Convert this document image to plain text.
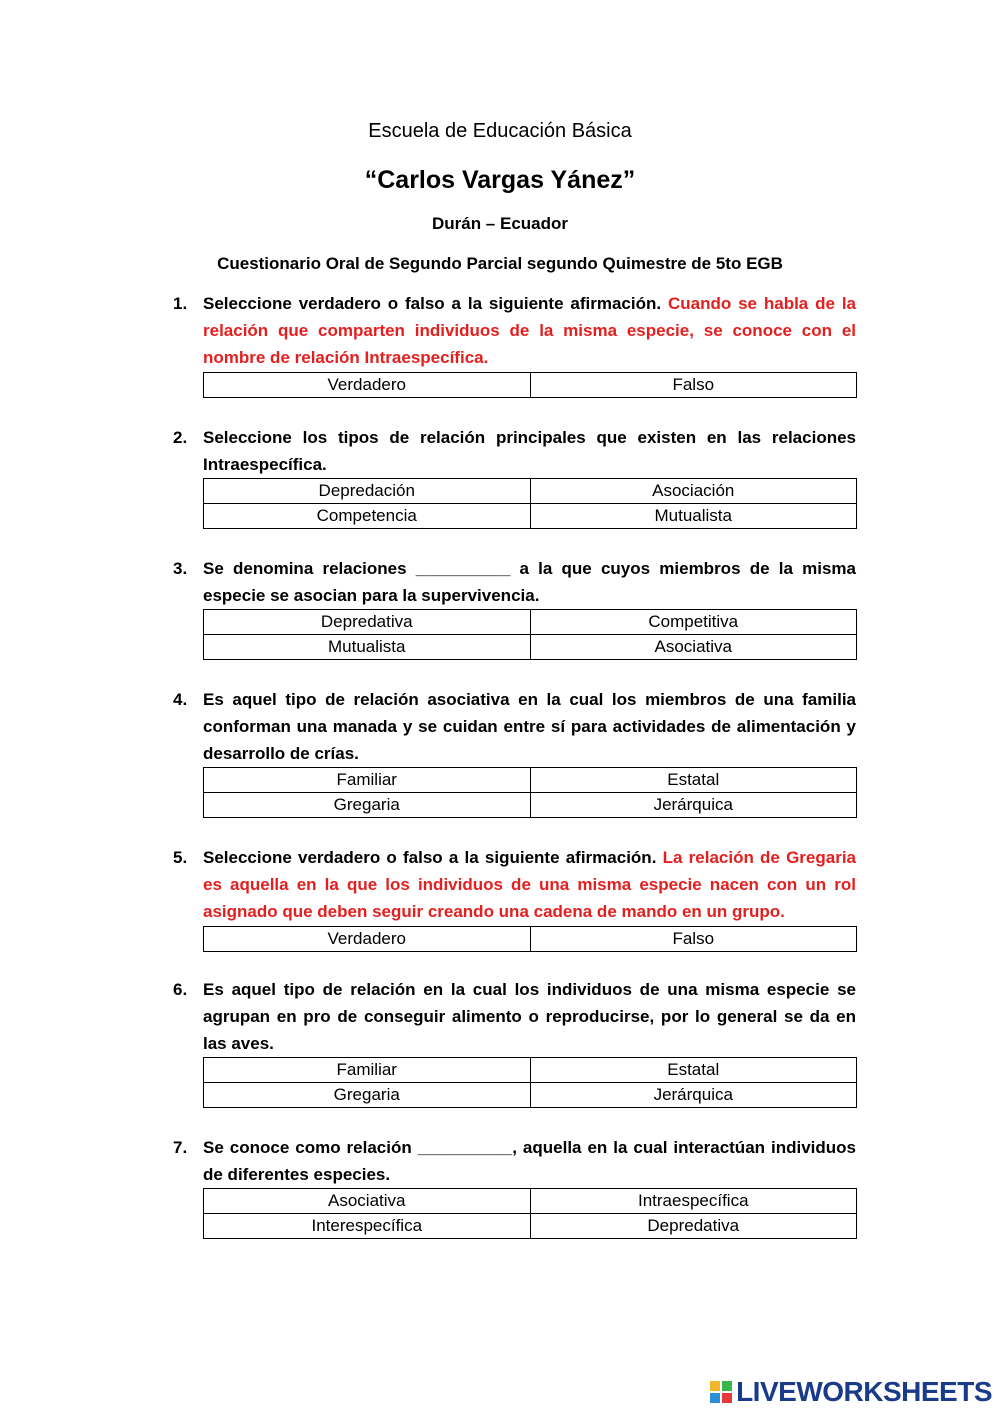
Escuela de Educación Básica
“Carlos Vargas Yánez”
Durán – Ecuador
Cuestionario Oral de Segundo Parcial segundo Quimestre de 5to EGB
1. Seleccione verdadero o falso a la siguiente afirmación. Cuando se habla de la relación que comparten individuos de la misma especie, se conoce con el nombre de relación Intraespecífica.
Verdadero	Falso
2. Seleccione los tipos de relación principales que existen en las relaciones Intraespecífica.
Depredación	Asociación
Competencia	Mutualista
3. Se denomina relaciones __________ a la que cuyos miembros de la misma especie se asocian para la supervivencia.
Depredativa	Competitiva
Mutualista	Asociativa
4. Es aquel tipo de relación asociativa en la cual los miembros de una familia conforman una manada y se cuidan entre sí para actividades de alimentación y desarrollo de crías.
Familiar	Estatal
Gregaria	Jerárquica
5. Seleccione verdadero o falso a la siguiente afirmación. La relación de Gregaria es aquella en la que los individuos de una misma especie nacen con un rol asignado que deben seguir creando una cadena de mando en un grupo.
Verdadero	Falso
6. Es aquel tipo de relación en la cual los individuos de una misma especie se agrupan en pro de conseguir alimento o reproducirse, por lo general se da en las aves.
Familiar	Estatal
Gregaria	Jerárquica
7. Se conoce como relación __________, aquella en la cual interactúan individuos de diferentes especies.
Asociativa	Intraespecífica
Interespecífica	Depredativa
LIVEWORKSHEETS
